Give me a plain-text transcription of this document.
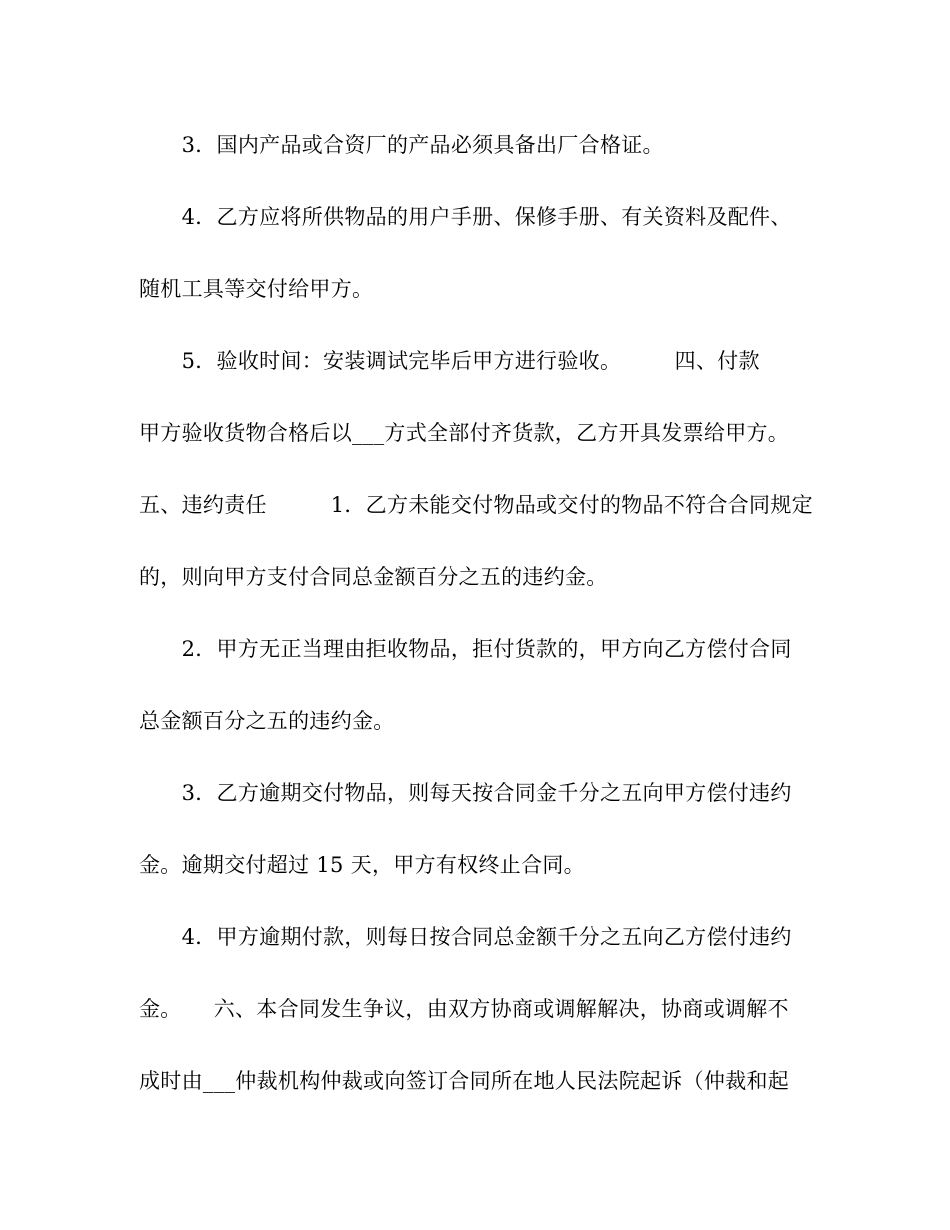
　　3．国内产品或合资厂的产品必须具备出厂合格证。
　　4．乙方应将所供物品的用户手册、保修手册、有关资料及配件、
随机工具等交付给甲方。
　　5．验收时间：安装调试完毕后甲方进行验收。　　　四、付款
甲方验收货物合格后以___方式全部付齐货款，乙方开具发票给甲方。
五、违约责任　　　1．乙方未能交付物品或交付的物品不符合合同规定
的，则向甲方支付合同总金额百分之五的违约金。
　　2．甲方无正当理由拒收物品，拒付货款的，甲方向乙方偿付合同
总金额百分之五的违约金。
　　3．乙方逾期交付物品，则每天按合同金千分之五向甲方偿付违约
金。逾期交付超过 15 天，甲方有权终止合同。
　　4．甲方逾期付款，则每日按合同总金额千分之五向乙方偿付违约
金。　　六、本合同发生争议，由双方协商或调解解决，协商或调解不
成时由___仲裁机构仲裁或向签订合同所在地人民法院起诉（仲裁和起
